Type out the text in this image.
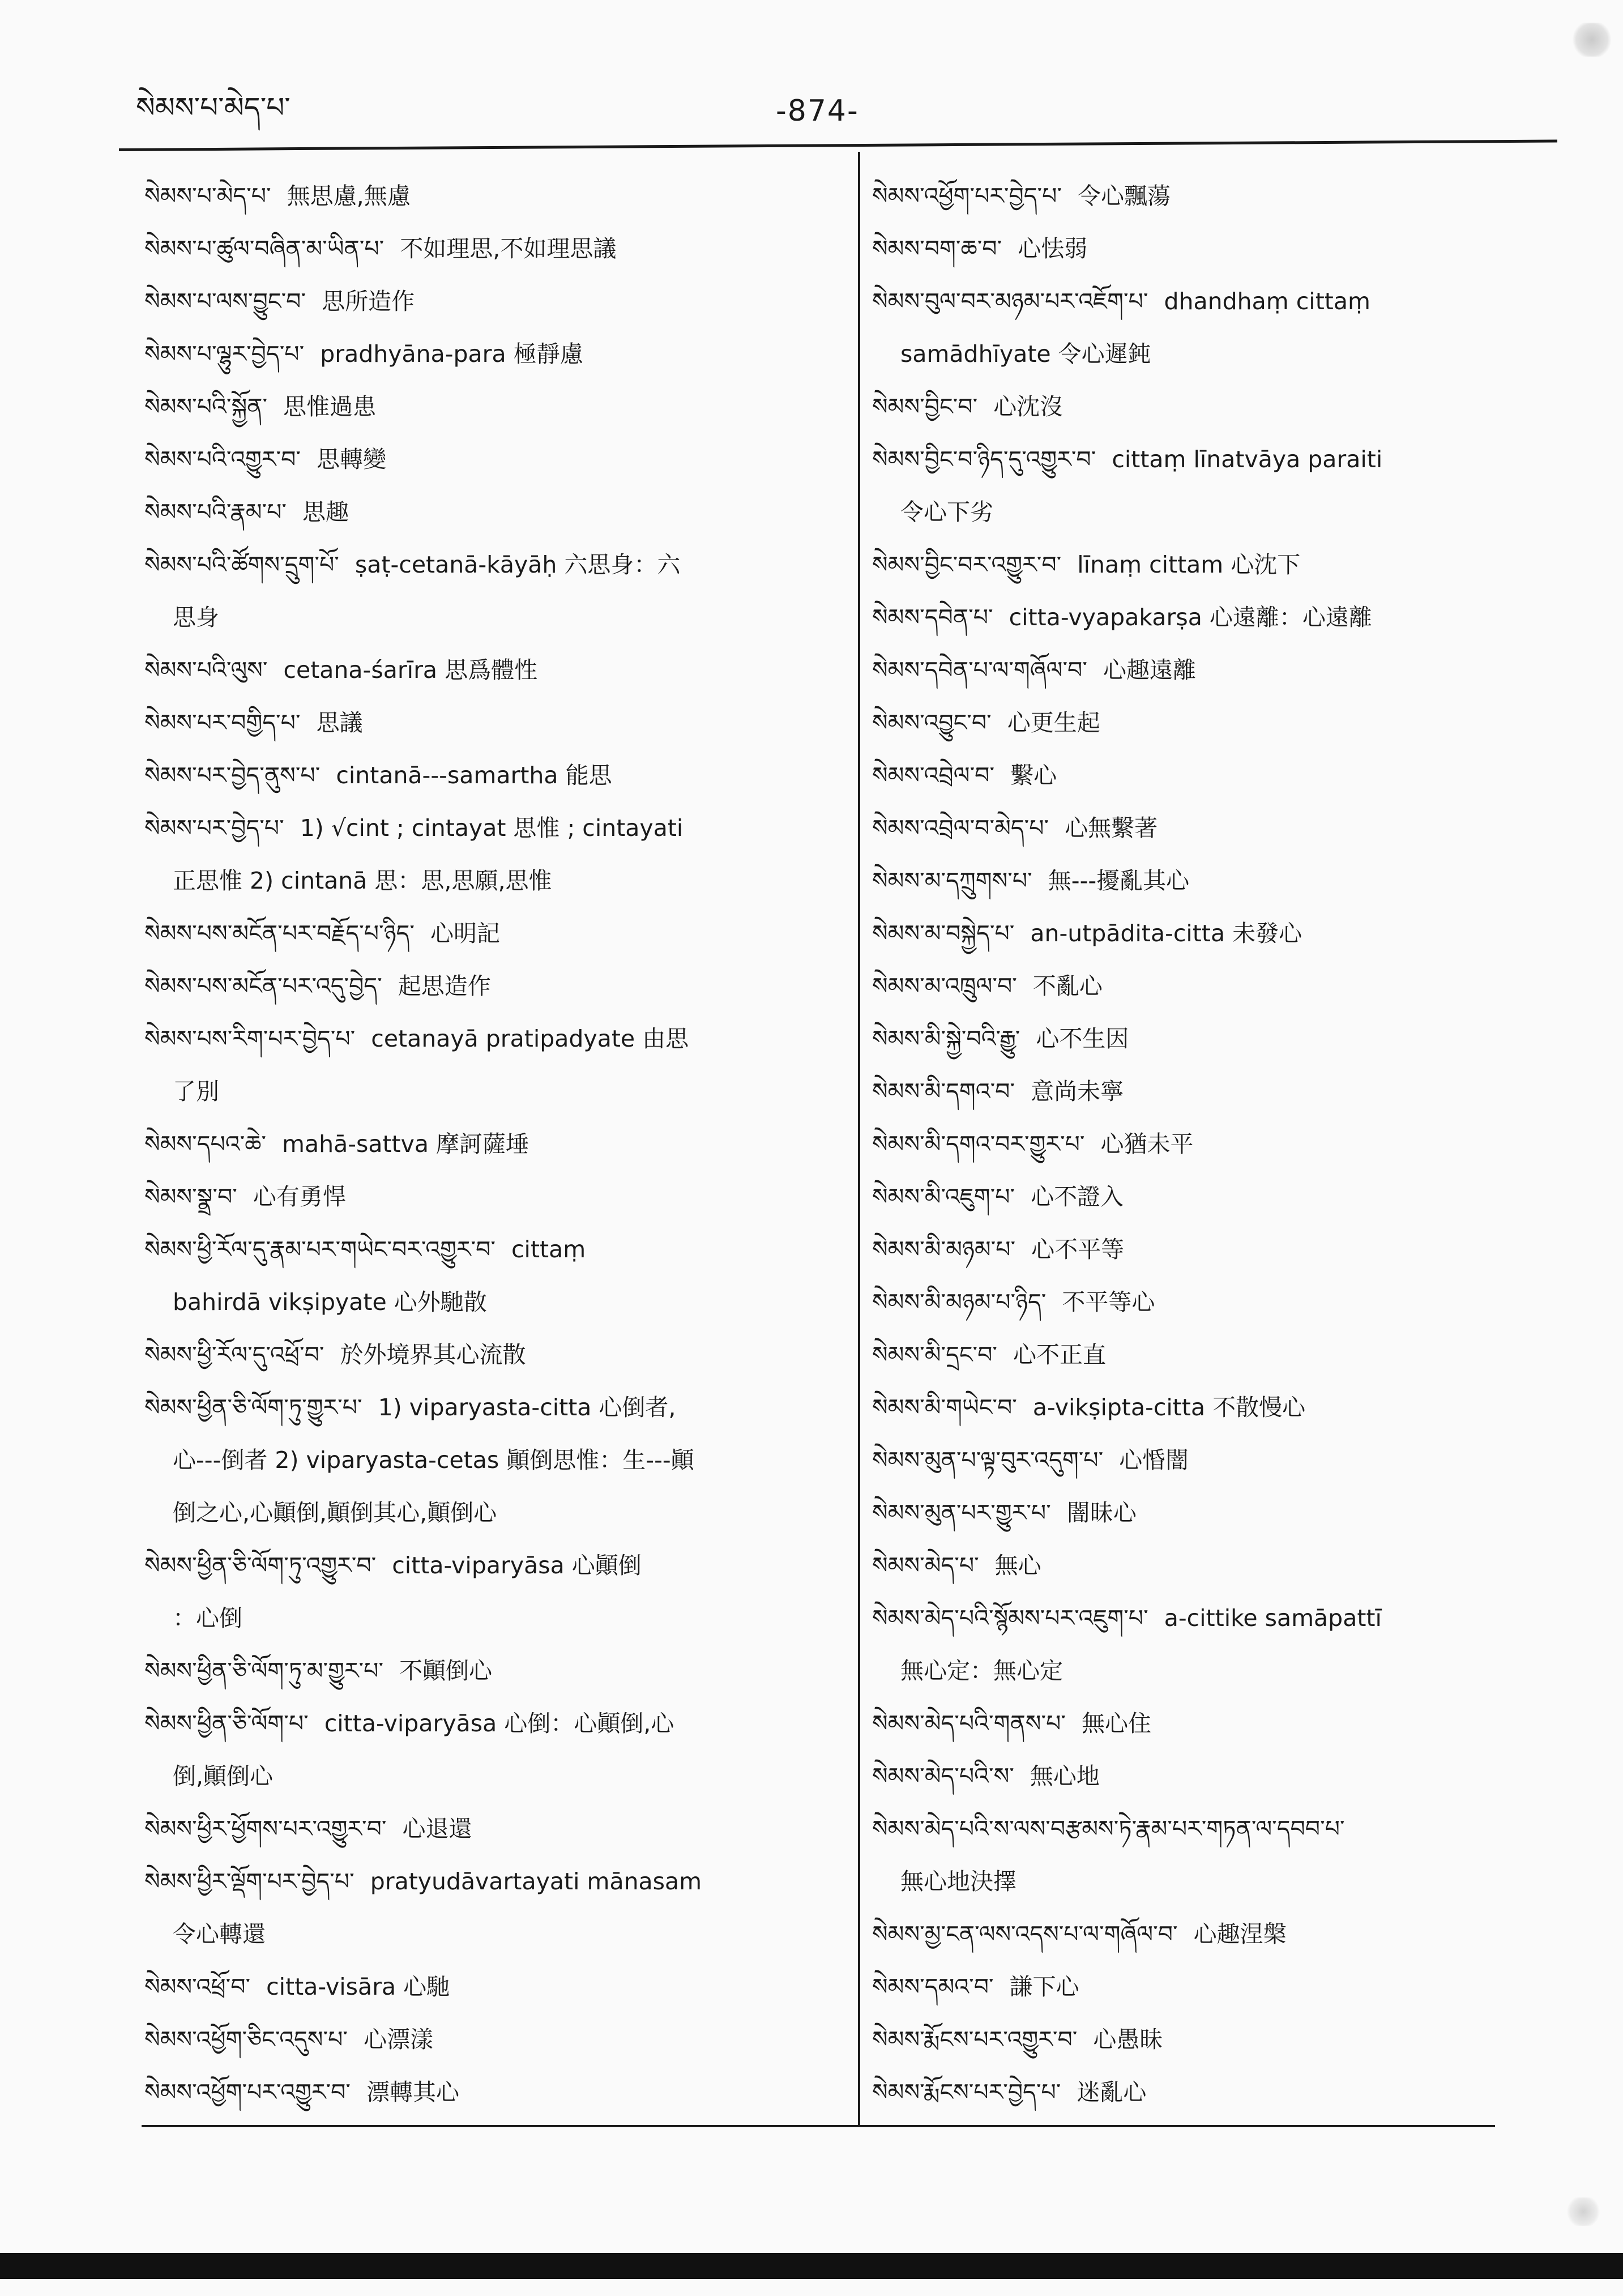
སེམས་པ་མེད་པ་	-874-
སེམས་པ་མེད་པ་ 無思慮,無慮
སེམས་པ་ཚུལ་བཞིན་མ་ཡིན་པ་ 不如理思,不如理思議
སེམས་པ་ལས་བྱུང་བ་ 思所造作
སེམས་པ་ལྷུར་བྱེད་པ་ pradhyāna-para 極靜慮
སེམས་པའི་སྐྱོན་ 思惟過患
སེམས་པའི་འགྱུར་བ་ 思轉變
སེམས་པའི་རྣམ་པ་ 思趣
སེམས་པའི་ཚོགས་དྲུག་པོ་ ṣaṭ-cetanā-kāyāḥ 六思身：六
思身
སེམས་པའི་ལུས་ cetana-śarīra 思爲體性
སེམས་པར་བགྱིད་པ་ 思議
སེམས་པར་བྱེད་ནུས་པ་ cintanā---samartha 能思
སེམས་པར་བྱེད་པ་ 1) √cint ; cintayat 思惟 ; cintayati
正思惟 2) cintanā 思：思,思願,思惟
སེམས་པས་མངོན་པར་བརྗོད་པ་ཉིད་ 心明記
སེམས་པས་མངོན་པར་འདུ་བྱེད་ 起思造作
སེམས་པས་རིག་པར་བྱེད་པ་ cetanayā pratipadyate 由思
了別
སེམས་དཔའ་ཆེ་ mahā-sattva 摩訶薩埵
སེམས་སྣྲ་བ་ 心有勇悍
སེམས་ཕྱི་རོལ་དུ་རྣམ་པར་གཡེང་བར་འགྱུར་བ་ cittaṃ
bahirdā vikṣipyate 心外馳散
སེམས་ཕྱི་རོལ་དུ་འཕྲོ་བ་ 於外境界其心流散
སེམས་ཕྱིན་ཅི་ལོག་ཏུ་གྱུར་པ་ 1) viparyasta-citta 心倒者,
心---倒者 2) viparyasta-cetas 顚倒思惟：生---顚
倒之心,心顚倒,顚倒其心,顚倒心
སེམས་ཕྱིན་ཅི་ལོག་ཏུ་འགྱུར་བ་ citta-viparyāsa 心顚倒
：心倒
སེམས་ཕྱིན་ཅི་ལོག་ཏུ་མ་གྱུར་པ་ 不顚倒心
སེམས་ཕྱིན་ཅི་ལོག་པ་ citta-viparyāsa 心倒：心顚倒,心
倒,顚倒心
སེམས་ཕྱིར་ཕྱོགས་པར་འགྱུར་བ་ 心退還
སེམས་ཕྱིར་ལྡོག་པར་བྱེད་པ་ pratyudāvartayati mānasam
令心轉還
སེམས་འཕྲོ་བ་ citta-visāra 心馳
སེམས་འཕྱོག་ཅིང་འདུས་པ་ 心漂漾
སེམས་འཕྱོག་པར་འགྱུར་བ་ 漂轉其心
སེམས་འཕྱོག་པར་བྱེད་པ་ 令心飄蕩
སེམས་བག་ཆ་བ་ 心怯弱
སེམས་བུལ་བར་མཉམ་པར་འཇོག་པ་ dhandhaṃ cittaṃ
samādhīyate 令心遲鈍
སེམས་བྱིང་བ་ 心沈沒
སེམས་བྱིང་བ་ཉིད་དུ་འགྱུར་བ་ cittaṃ līnatvāya paraiti
令心下劣
སེམས་བྱིང་བར་འགྱུར་བ་ līnaṃ cittam 心沈下
སེམས་དབེན་པ་ citta-vyapakarṣa 心遠離：心遠離
སེམས་དབེན་པ་ལ་གཞོལ་བ་ 心趣遠離
སེམས་འབྱུང་བ་ 心更生起
སེམས་འབྲེལ་བ་ 繫心
སེམས་འབྲེལ་བ་མེད་པ་ 心無繫著
སེམས་མ་དཀྲུགས་པ་ 無---擾亂其心
སེམས་མ་བསྐྱེད་པ་ an-utpādita-citta 未發心
སེམས་མ་འཁྲུལ་བ་ 不亂心
སེམས་མི་སྐྱེ་བའི་རྒྱུ་ 心不生因
སེམས་མི་དགའ་བ་ 意尚未寧
སེམས་མི་དགའ་བར་གྱུར་པ་ 心猶未平
སེམས་མི་འཇུག་པ་ 心不證入
སེམས་མི་མཉམ་པ་ 心不平等
སེམས་མི་མཉམ་པ་ཉིད་ 不平等心
སེམས་མི་དྲང་བ་ 心不正直
སེམས་མི་གཡེང་བ་ a-vikṣipta-citta 不散慢心
སེམས་མུན་པ་ལྟ་བུར་འདུག་པ་ 心惛闇
སེམས་མུན་པར་གྱུར་པ་ 闇昧心
སེམས་མེད་པ་ 無心
སེམས་མེད་པའི་སྙོམས་པར་འཇུག་པ་ a-cittike samāpattī
無心定：無心定
སེམས་མེད་པའི་གནས་པ་ 無心住
སེམས་མེད་པའི་ས་ 無心地
སེམས་མེད་པའི་ས་ལས་བརྩམས་ཏེ་རྣམ་པར་གཏན་ལ་དབབ་པ་
無心地決擇
སེམས་མྱ་ངན་ལས་འདས་པ་ལ་གཞོལ་བ་ 心趣涅槃
སེམས་དམའ་བ་ 謙下心
སེམས་རྨོངས་པར་འགྱུར་བ་ 心愚昧
སེམས་རྨོངས་པར་བྱེད་པ་ 迷亂心
